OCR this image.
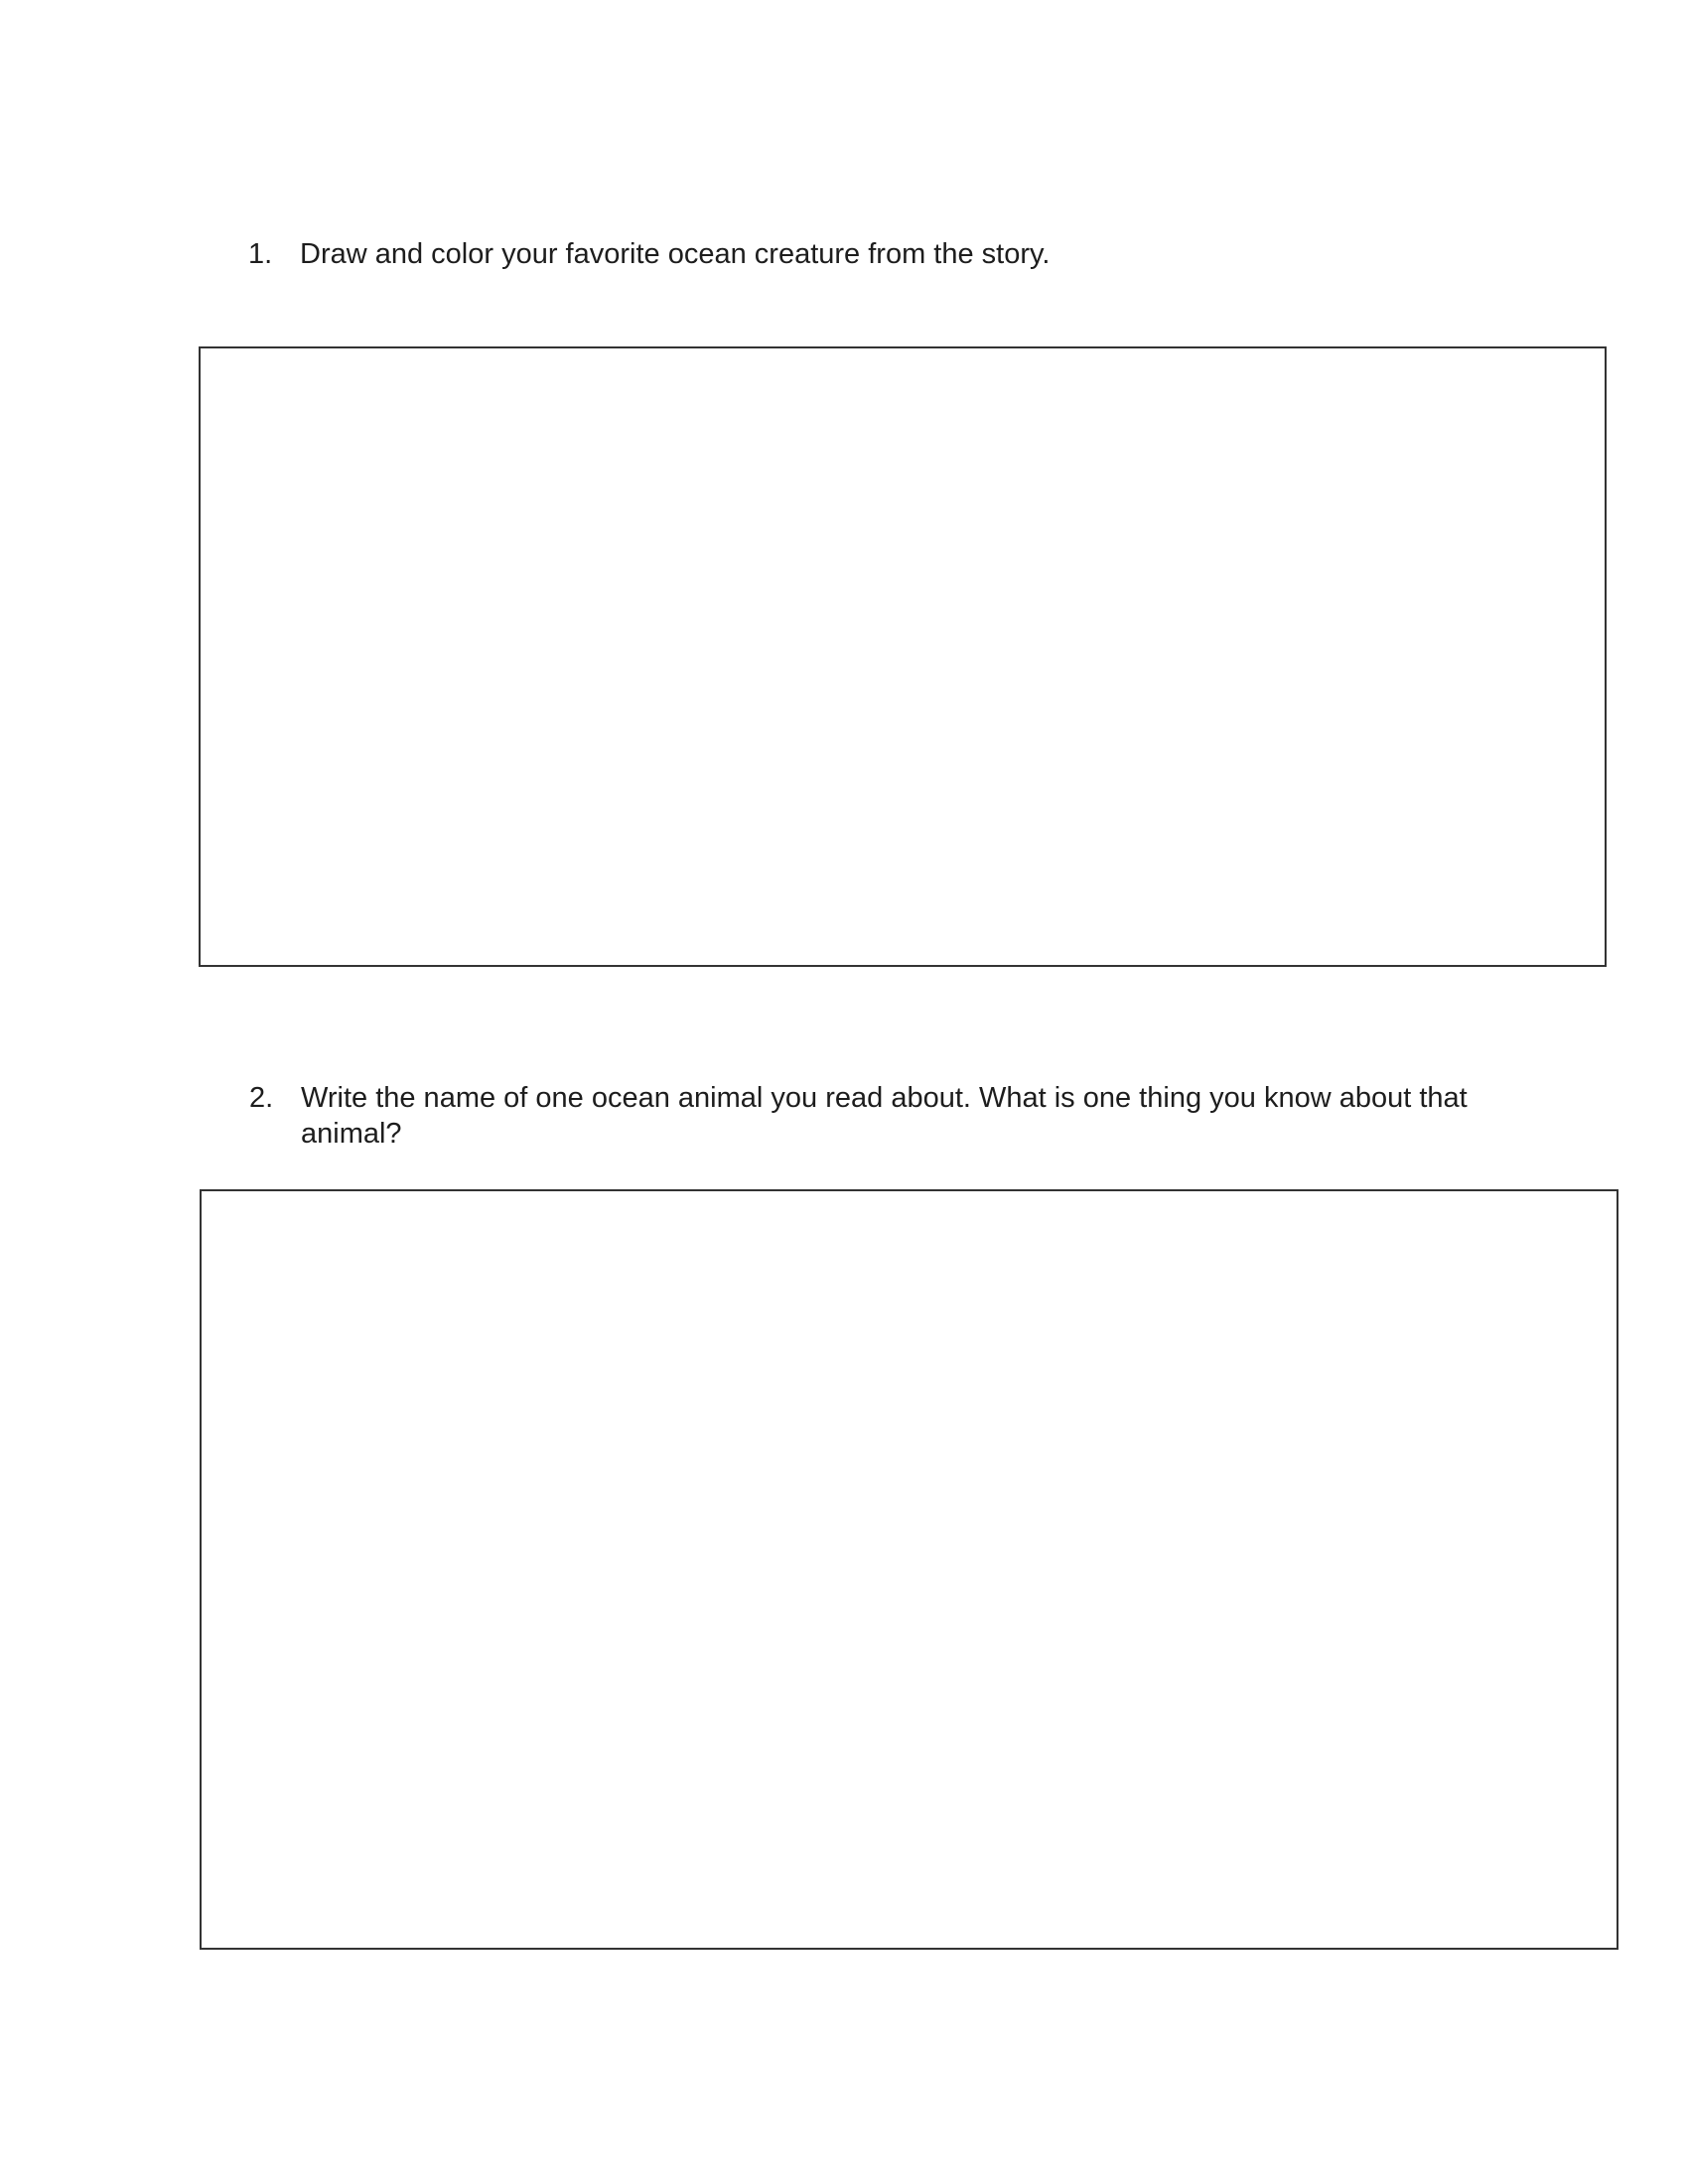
1. Draw and color your favorite ocean creature from the story.
2. Write the name of one ocean animal you read about. What is one thing you know about that
animal?
